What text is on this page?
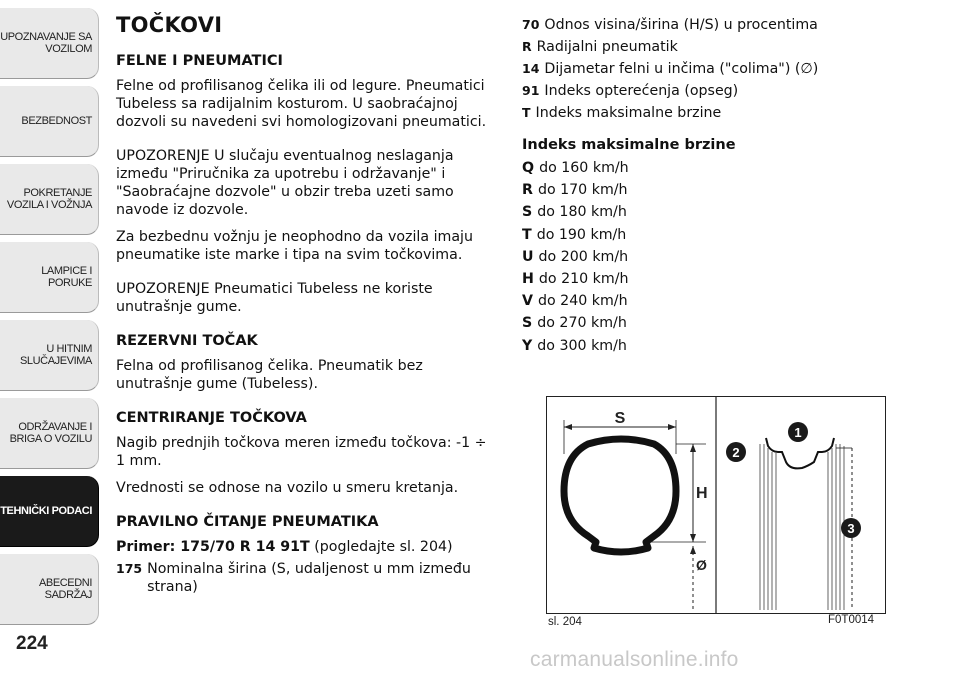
UPOZNAVANJE SA VOZILOM
BEZBEDNOST
POKRETANJE VOZILA I VOŽNJA
LAMPICE I PORUKE
U HITNIM SLUČAJEVIMA
ODRŽAVANJE I BRIGA O VOZILU
TEHNIČKI PODACI
ABECEDNI SADRŽAJ
224
TOČKOVI
FELNE I PNEUMATICI

Felne od profilisanog čelika ili od legure. Pneumatici Tubeless sa radijalnim kosturom. U saobraćajnoj dozvoli su navedeni svi homologizovani pneumatici.

UPOZORENJE U slučaju eventualnog neslaganja između "Priručnika za upotrebu i održavanje" i "Saobraćajne dozvole" u obzir treba uzeti samo navode iz dozvole.

Za bezbednu vožnju je neophodno da vozila imaju pneumatike iste marke i tipa na svim točkovima.

UPOZORENJE Pneumatici Tubeless ne koriste unutrašnje gume.

REZERVNI TOČAK

Felna od profilisanog čelika. Pneumatik bez unutrašnje gume (Tubeless).

CENTRIRANJE TOČKOVA

Nagib prednjih točkova meren između točkova: -1 ÷ 1 mm.

Vrednosti se odnose na vozilo u smeru kretanja.

PRAVILNO ČITANJE PNEUMATIKA

Primer: 175/70 R 14 91T (pogledajte sl. 204)

175 Nominalna širina (S, udaljenost u mm između strana)
70 Odnos visina/širina (H/S) u procentima
R Radijalni pneumatik
14 Dijametar felni u inčima ("colima") (∅)
91 Indeks opterećenja (opseg)
T Indeks maksimalne brzine
Indeks maksimalne brzine
Q do 160 km/h
R do 170 km/h
S do 180 km/h
T do 190 km/h
U do 200 km/h
H do 210 km/h
V do 240 km/h
S do 270 km/h
Y do 300 km/h
S
H
Ø
1
2
3
sl. 204	F0T0014
carmanualsonline.info
